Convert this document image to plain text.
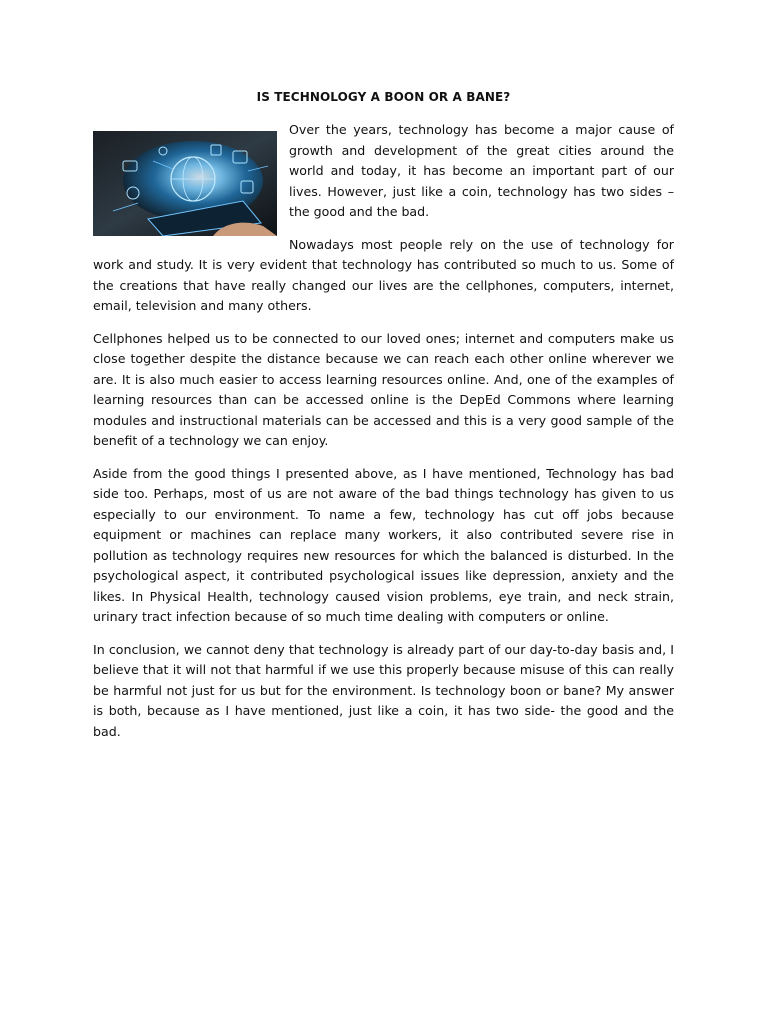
IS TECHNOLOGY A BOON OR A BANE?

Over the years, technology has become a major cause of growth and development of the great cities around the world and today, it has become an important part of our lives. However, just like a coin, technology has two sides – the good and the bad.

Nowadays most people rely on the use of technology for work and study. It is very evident that technology has contributed so much to us. Some of the creations that have really changed our lives are the cellphones, computers, internet, email, television and many others.

Cellphones helped us to be connected to our loved ones; internet and computers make us close together despite the distance because we can reach each other online wherever we are. It is also much easier to access learning resources online. And, one of the examples of learning resources than can be accessed online is the DepEd Commons where learning modules and instructional materials can be accessed and this is a very good sample of the benefit of a technology we can enjoy.

Aside from the good things I presented above, as I have mentioned, Technology has bad side too. Perhaps, most of us are not aware of the bad things technology has given to us especially to our environment. To name a few, technology has cut off jobs because equipment or machines can replace many workers, it also contributed severe rise in pollution as technology requires new resources for which the balanced is disturbed. In the psychological aspect, it contributed psychological issues like depression, anxiety and the likes. In Physical Health, technology caused vision problems, eye train, and neck strain, urinary tract infection because of so much time dealing with computers or online.

In conclusion, we cannot deny that technology is already part of our day-to-day basis and, I believe that it will not that harmful if we use this properly because misuse of this can really be harmful not just for us but for the environment. Is technology boon or bane? My answer is both, because as I have mentioned, just like a coin, it has two side- the good and the bad.
